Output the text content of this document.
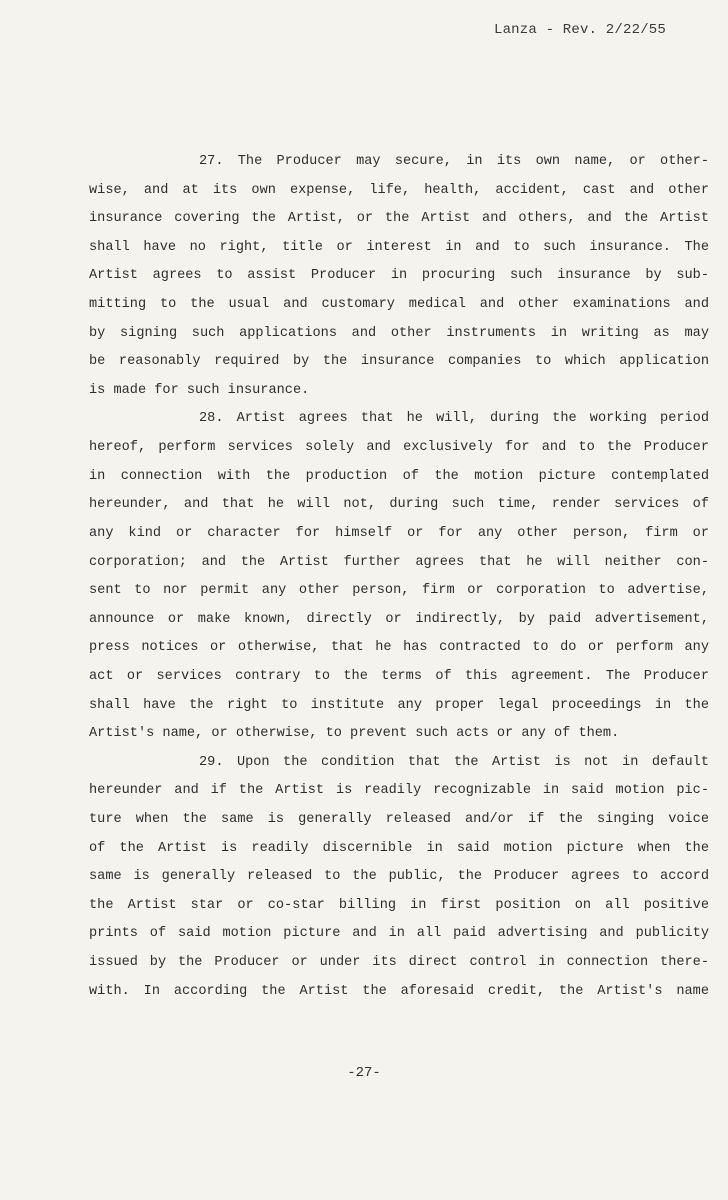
Lanza - Rev. 2/22/55
27. The Producer may secure, in its own name, or other-
wise, and at its own expense, life, health, accident, cast and other
insurance covering the Artist, or the Artist and others, and the Artist
shall have no right, title or interest in and to such insurance. The
Artist agrees to assist Producer in procuring such insurance by sub-
mitting to the usual and customary medical and other examinations and
by signing such applications and other instruments in writing as may
be reasonably required by the insurance companies to which application
is made for such insurance.
28. Artist agrees that he will, during the working period
hereof, perform services solely and exclusively for and to the Producer
in connection with the production of the motion picture contemplated
hereunder, and that he will not, during such time, render services of
any kind or character for himself or for any other person, firm or
corporation; and the Artist further agrees that he will neither con-
sent to nor permit any other person, firm or corporation to advertise,
announce or make known, directly or indirectly, by paid advertisement,
press notices or otherwise, that he has contracted to do or perform any
act or services contrary to the terms of this agreement. The Producer
shall have the right to institute any proper legal proceedings in the
Artist's name, or otherwise, to prevent such acts or any of them.
29. Upon the condition that the Artist is not in default
hereunder and if the Artist is readily recognizable in said motion pic-
ture when the same is generally released and/or if the singing voice
of the Artist is readily discernible in said motion picture when the
same is generally released to the public, the Producer agrees to accord
the Artist star or co-star billing in first position on all positive
prints of said motion picture and in all paid advertising and publicity
issued by the Producer or under its direct control in connection there-
with. In according the Artist the aforesaid credit, the Artist's name
-27-
